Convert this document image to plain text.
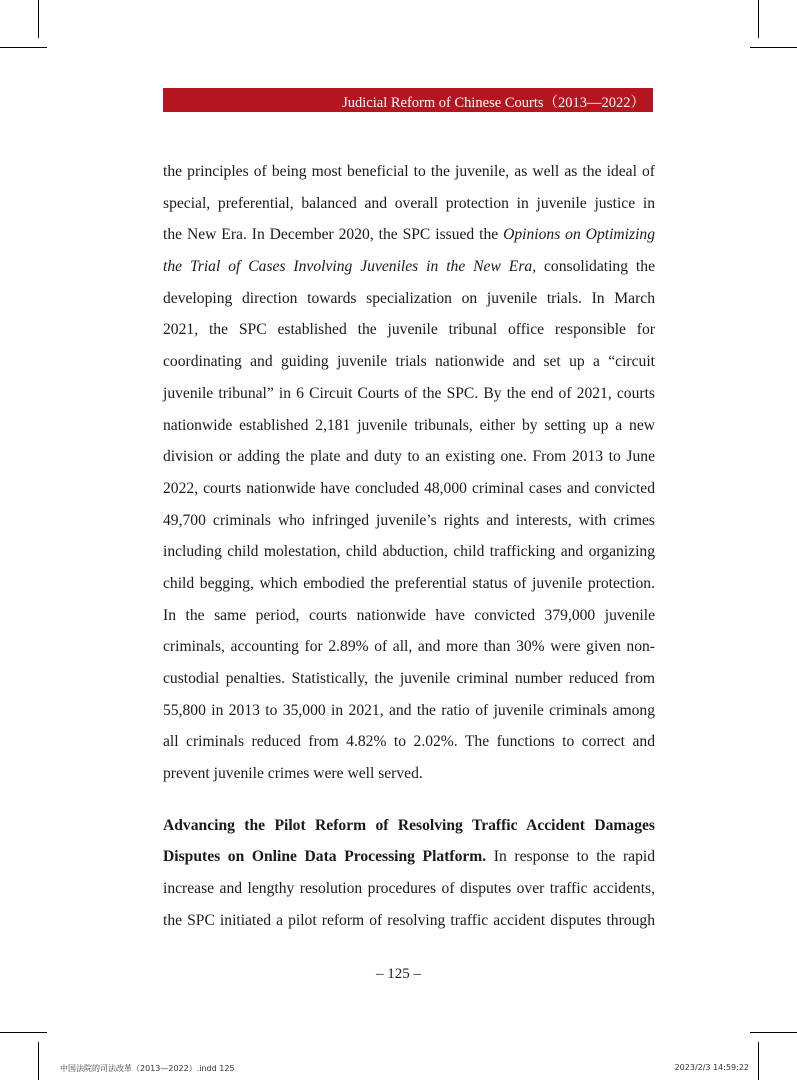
Judicial Reform of Chinese Courts（2013—2022）
the principles of being most beneficial to the juvenile, as well as the ideal of
special, preferential, balanced and overall protection in juvenile justice in
the New Era. In December 2020, the SPC issued the Opinions on Optimizing
the Trial of Cases Involving Juveniles in the New Era, consolidating the
developing direction towards specialization on juvenile trials. In March
2021, the SPC established the juvenile tribunal office responsible for
coordinating and guiding juvenile trials nationwide and set up a “circuit
juvenile tribunal” in 6 Circuit Courts of the SPC. By the end of 2021, courts
nationwide established 2,181 juvenile tribunals, either by setting up a new
division or adding the plate and duty to an existing one. From 2013 to June
2022, courts nationwide have concluded 48,000 criminal cases and convicted
49,700 criminals who infringed juvenile’s rights and interests, with crimes
including child molestation, child abduction, child trafficking and organizing
child begging, which embodied the preferential status of juvenile protection.
In the same period, courts nationwide have convicted 379,000 juvenile
criminals, accounting for 2.89% of all, and more than 30% were given non-
custodial penalties. Statistically, the juvenile criminal number reduced from
55,800 in 2013 to 35,000 in 2021, and the ratio of juvenile criminals among
all criminals reduced from 4.82% to 2.02%. The functions to correct and
prevent juvenile crimes were well served.
Advancing the Pilot Reform of Resolving Traffic Accident Damages
Disputes on Online Data Processing Platform. In response to the rapid
increase and lengthy resolution procedures of disputes over traffic accidents,
the SPC initiated a pilot reform of resolving traffic accident disputes through
– 125 –
中国法院的司法改革（2013—2022）.indd 125	2023/2/3 14:59:22
